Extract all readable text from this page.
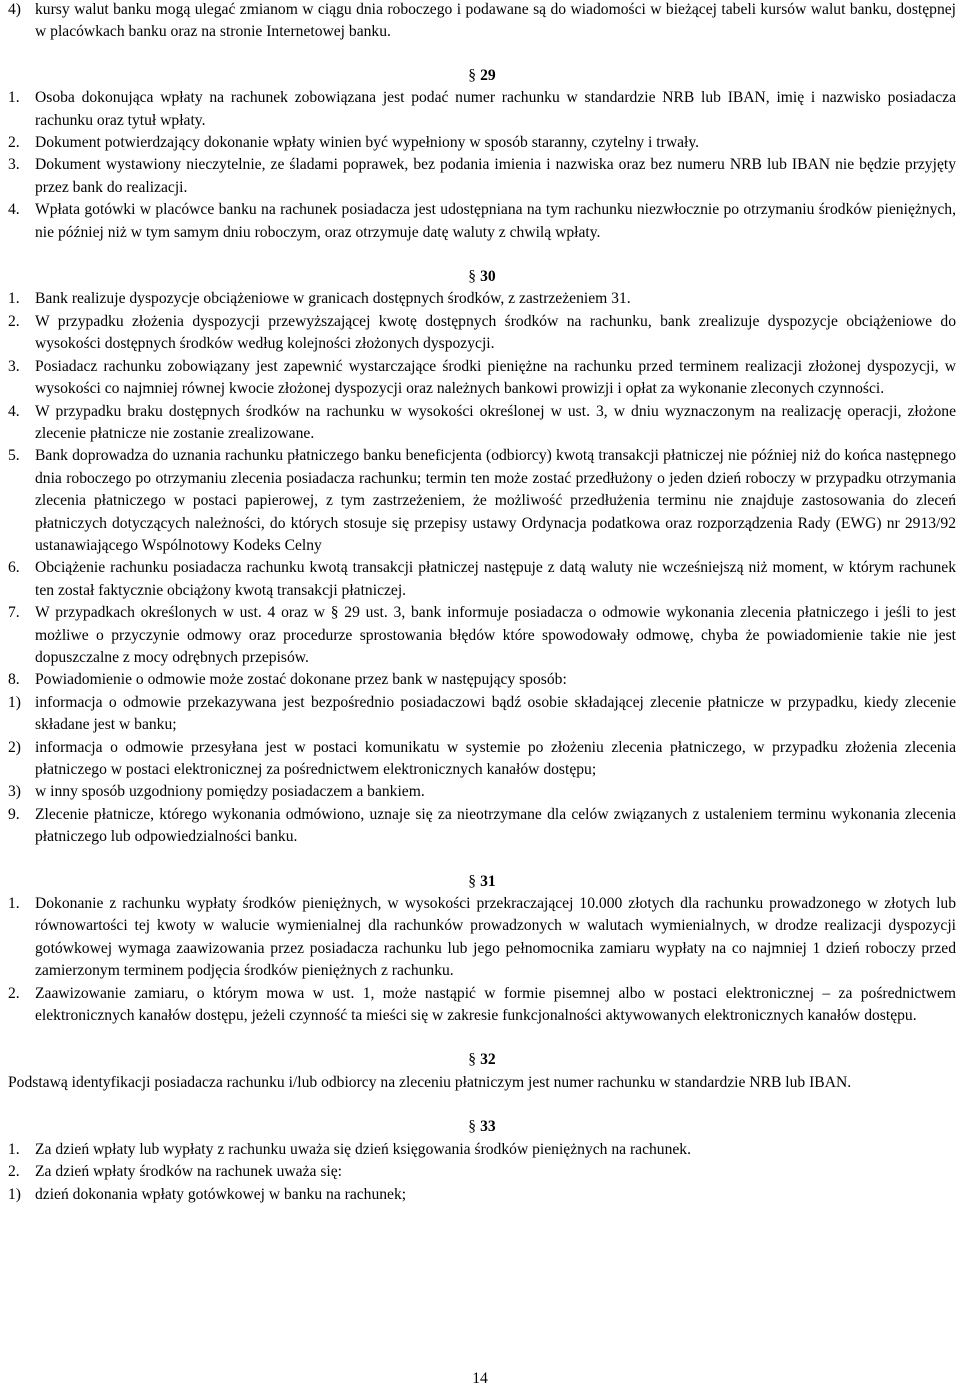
4) kursy walut banku mogą ulegać zmianom w ciągu dnia roboczego i podawane są do wiadomości w bieżącej tabeli kursów walut banku, dostępnej w placówkach banku oraz na stronie Internetowej banku.
§ 29
1. Osoba dokonująca wpłaty na rachunek zobowiązana jest podać numer rachunku w standardzie NRB lub IBAN, imię i nazwisko posiadacza rachunku oraz tytuł wpłaty.
2. Dokument potwierdzający dokonanie wpłaty winien być wypełniony w sposób staranny, czytelny i trwały.
3. Dokument wystawiony nieczytelnie, ze śladami poprawek, bez podania imienia i nazwiska oraz bez numeru NRB lub IBAN nie będzie przyjęty przez bank do realizacji.
4. Wpłata gotówki w placówce banku na rachunek posiadacza jest udostępniana na tym rachunku niezwłocznie po otrzymaniu środków pieniężnych, nie później niż w tym samym dniu roboczym, oraz otrzymuje datę waluty z chwilą wpłaty.
§ 30
1. Bank realizuje dyspozycje obciążeniowe w granicach dostępnych środków, z zastrzeżeniem 31.
2. W przypadku złożenia dyspozycji przewyższającej kwotę dostępnych środków na rachunku, bank zrealizuje dyspozycje obciążeniowe do wysokości dostępnych środków według kolejności złożonych dyspozycji.
3. Posiadacz rachunku zobowiązany jest zapewnić wystarczające środki pieniężne na rachunku przed terminem realizacji złożonej dyspozycji, w wysokości co najmniej równej kwocie złożonej dyspozycji oraz należnych bankowi prowizji i opłat za wykonanie zleconych czynności.
4. W przypadku braku dostępnych środków na rachunku w wysokości określonej w ust. 3, w dniu wyznaczonym na realizację operacji, złożone zlecenie płatnicze nie zostanie zrealizowane.
5. Bank doprowadza do uznania rachunku płatniczego banku beneficjenta (odbiorcy) kwotą transakcji płatniczej nie później niż do końca następnego dnia roboczego po otrzymaniu zlecenia posiadacza rachunku; termin ten może zostać przedłużony o jeden dzień roboczy w przypadku otrzymania zlecenia płatniczego w postaci papierowej, z tym zastrzeżeniem, że możliwość przedłużenia terminu nie znajduje zastosowania do zleceń płatniczych dotyczących należności, do których stosuje się przepisy ustawy Ordynacja podatkowa oraz rozporządzenia Rady (EWG) nr 2913/92 ustanawiającego Wspólnotowy Kodeks Celny
6. Obciążenie rachunku posiadacza rachunku kwotą transakcji płatniczej następuje z datą waluty nie wcześniejszą niż moment, w którym rachunek ten został faktycznie obciążony kwotą transakcji płatniczej.
7. W przypadkach określonych w ust. 4 oraz w § 29 ust. 3, bank informuje posiadacza o odmowie wykonania zlecenia płatniczego i jeśli to jest możliwe o przyczynie odmowy oraz procedurze sprostowania błędów które spowodowały odmowę, chyba że powiadomienie takie nie jest dopuszczalne z mocy odrębnych przepisów.
8. Powiadomienie o odmowie może zostać dokonane przez bank w następujący sposób:
1) informacja o odmowie przekazywana jest bezpośrednio posiadaczowi bądź osobie składającej zlecenie płatnicze w przypadku, kiedy zlecenie składane jest w banku;
2) informacja o odmowie przesyłana jest w postaci komunikatu w systemie po złożeniu zlecenia płatniczego, w przypadku złożenia zlecenia płatniczego w postaci elektronicznej za pośrednictwem elektronicznych kanałów dostępu;
3) w inny sposób uzgodniony pomiędzy posiadaczem a bankiem.
9. Zlecenie płatnicze, którego wykonania odmówiono, uznaje się za nieotrzymane dla celów związanych z ustaleniem terminu wykonania zlecenia płatniczego lub odpowiedzialności banku.
§ 31
1. Dokonanie z rachunku wypłaty środków pieniężnych, w wysokości przekraczającej 10.000 złotych dla rachunku prowadzonego w złotych lub równowartości tej kwoty w walucie wymienialnej dla rachunków prowadzonych w walutach wymienialnych, w drodze realizacji dyspozycji gotówkowej wymaga zaawizowania przez posiadacza rachunku lub jego pełnomocnika zamiaru wypłaty na co najmniej 1 dzień roboczy przed zamierzonym terminem podjęcia środków pieniężnych z rachunku.
2. Zaawizowanie zamiaru, o którym mowa w ust. 1, może nastąpić w formie pisemnej albo w postaci elektronicznej – za pośrednictwem elektronicznych kanałów dostępu, jeżeli czynność ta mieści się w zakresie funkcjonalności aktywowanych elektronicznych kanałów dostępu.
§ 32
Podstawą identyfikacji posiadacza rachunku i/lub odbiorcy na zleceniu płatniczym jest numer rachunku w standardzie NRB lub IBAN.
§ 33
1. Za dzień wpłaty lub wypłaty z rachunku uważa się dzień księgowania środków pieniężnych na rachunek.
2. Za dzień wpłaty środków na rachunek uważa się:
1) dzień dokonania wpłaty gotówkowej w banku na rachunek;
14
